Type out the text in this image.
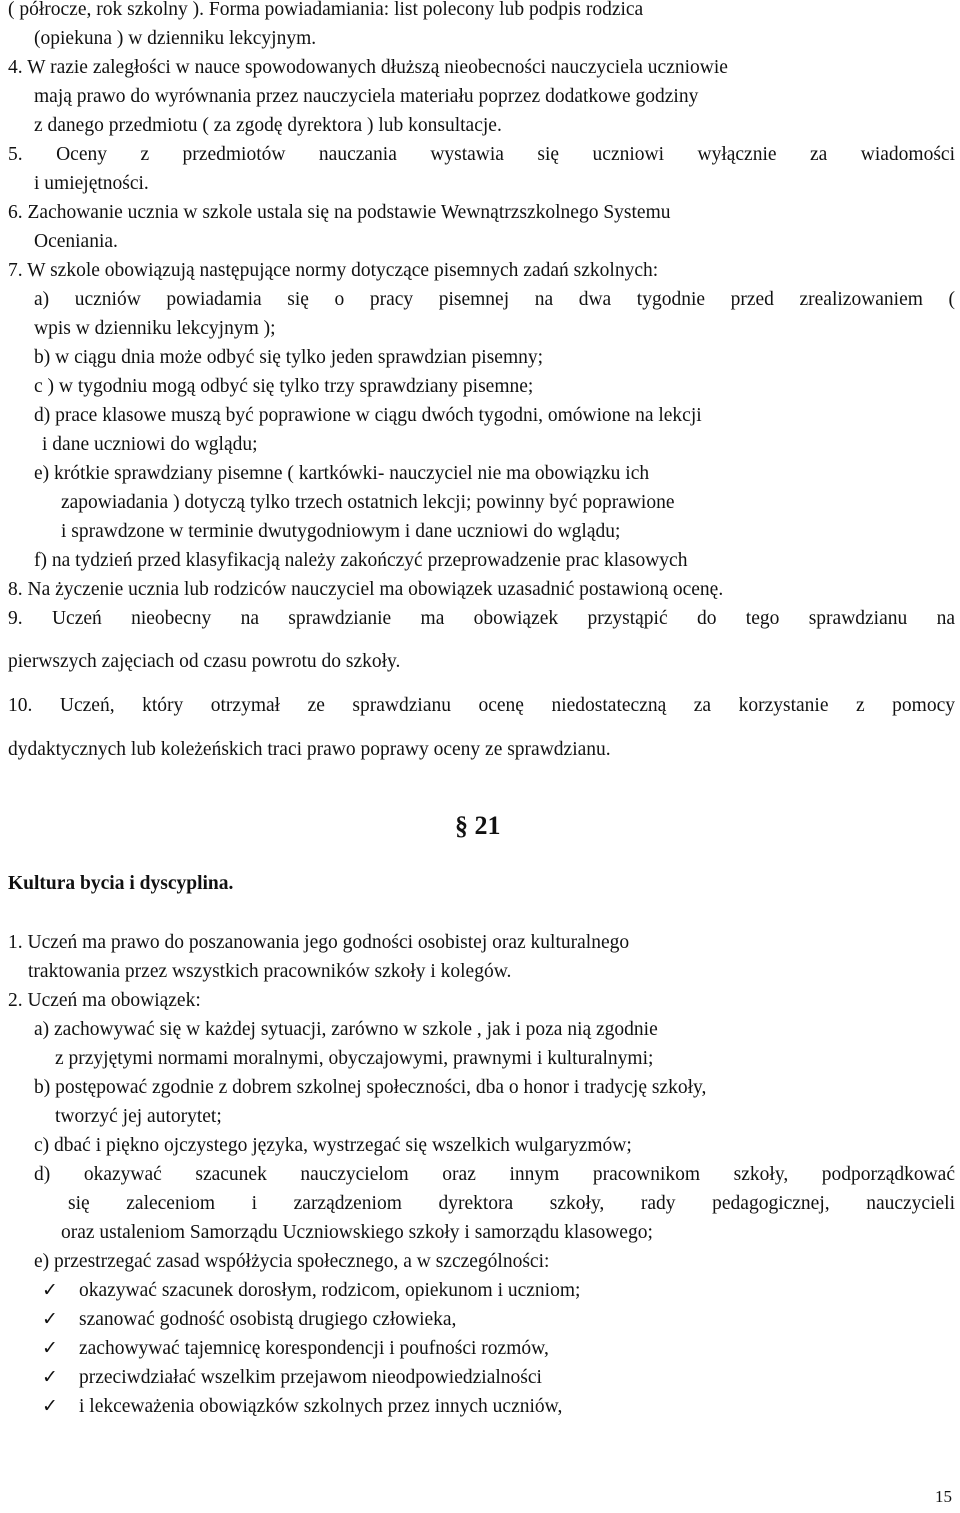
( półrocze, rok szkolny ). Forma powiadamiania: list polecony lub podpis rodzica
(opiekuna ) w dzienniku lekcyjnym.
4. W razie zaległości w nauce spowodowanych dłuższą nieobecności nauczyciela uczniowie
mają prawo do wyrównania przez nauczyciela materiału poprzez dodatkowe godziny
z danego przedmiotu ( za zgodę dyrektora ) lub konsultacje.
5. Oceny z przedmiotów nauczania wystawia się uczniowi wyłącznie za wiadomości
i umiejętności.
6. Zachowanie ucznia w szkole ustala się na podstawie Wewnątrzszkolnego Systemu
Oceniania.
7. W szkole obowiązują następujące normy dotyczące pisemnych zadań szkolnych:
a) uczniów powiadamia się o pracy pisemnej na dwa tygodnie przed zrealizowaniem (
wpis w dzienniku lekcyjnym );
b) w ciągu dnia może odbyć się tylko jeden sprawdzian pisemny;
c ) w tygodniu mogą odbyć się tylko trzy sprawdziany pisemne;
d) prace klasowe muszą być poprawione w ciągu dwóch tygodni, omówione na lekcji
i dane uczniowi do wglądu;
e) krótkie sprawdziany pisemne ( kartkówki- nauczyciel nie ma obowiązku ich
zapowiadania ) dotyczą tylko trzech ostatnich lekcji; powinny być poprawione
i sprawdzone w terminie dwutygodniowym i dane uczniowi do wglądu;
f) na tydzień przed klasyfikacją należy zakończyć przeprowadzenie prac klasowych
8. Na życzenie ucznia lub rodziców nauczyciel ma obowiązek uzasadnić postawioną ocenę.
9. Uczeń nieobecny na sprawdzianie ma obowiązek przystąpić do tego sprawdzianu na
pierwszych zajęciach od czasu powrotu do szkoły.
10. Uczeń, który otrzymał ze sprawdzianu ocenę niedostateczną za korzystanie z pomocy
dydaktycznych lub koleżeńskich traci prawo poprawy oceny ze sprawdzianu.
§ 21
Kultura bycia i dyscyplina.
1. Uczeń ma prawo do poszanowania jego godności osobistej oraz kulturalnego
traktowania przez wszystkich pracowników szkoły i kolegów.
2. Uczeń ma obowiązek:
a) zachowywać się w każdej sytuacji, zarówno w szkole , jak i poza nią zgodnie
z przyjętymi normami moralnymi, obyczajowymi, prawnymi i kulturalnymi;
b) postępować zgodnie z dobrem szkolnej społeczności, dba o honor i tradycję szkoły,
tworzyć jej autorytet;
c) dbać i piękno ojczystego języka, wystrzegać się wszelkich wulgaryzmów;
d) okazywać szacunek nauczycielom oraz innym pracownikom szkoły, podporządkować
się zaleceniom i zarządzeniom dyrektora szkoły, rady pedagogicznej, nauczycieli
oraz ustaleniom Samorządu Uczniowskiego szkoły i samorządu klasowego;
e) przestrzegać zasad współżycia społecznego, a w szczególności:
✓ okazywać szacunek dorosłym, rodzicom, opiekunom i uczniom;
✓ szanować godność osobistą drugiego człowieka,
✓ zachowywać tajemnicę korespondencji i poufności rozmów,
✓ przeciwdziałać wszelkim przejawom nieodpowiedzialności
✓ i lekceważenia obowiązków szkolnych przez innych uczniów,
15
